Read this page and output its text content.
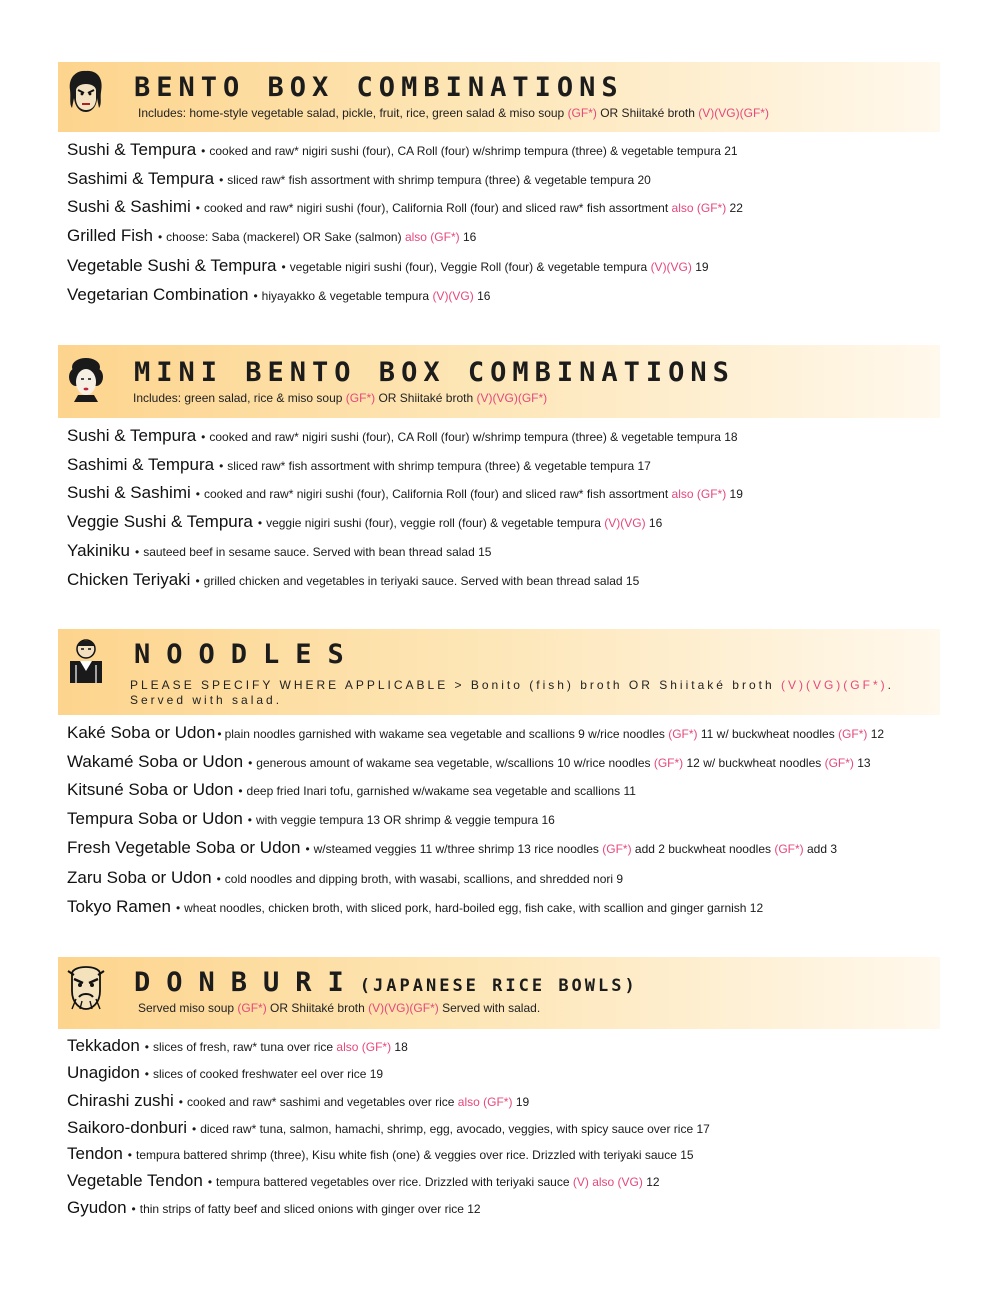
BENTO BOX COMBINATIONS
Includes: home-style vegetable salad, pickle, fruit, rice, green salad & miso soup (GF*) OR Shiitaké broth (V)(VG)(GF*)
Sushi & Tempura • cooked and raw* nigiri sushi (four), CA Roll (four) w/shrimp tempura (three) & vegetable tempura 21
Sashimi & Tempura • sliced raw* fish assortment with shrimp tempura (three) & vegetable tempura 20
Sushi & Sashimi • cooked and raw* nigiri sushi (four), California Roll (four) and sliced raw* fish assortment also (GF*) 22
Grilled Fish • choose: Saba (mackerel) OR Sake (salmon) also (GF*) 16
Vegetable Sushi & Tempura • vegetable nigiri sushi (four), Veggie Roll (four) & vegetable tempura (V)(VG) 19
Vegetarian Combination • hiyayakko & vegetable tempura (V)(VG) 16
MINI BENTO BOX COMBINATIONS
Includes: green salad, rice & miso soup (GF*) OR Shiitaké broth (V)(VG)(GF*)
Sushi & Tempura • cooked and raw* nigiri sushi (four), CA Roll (four) w/shrimp tempura (three) & vegetable tempura 18
Sashimi & Tempura • sliced raw* fish assortment with shrimp tempura (three) & vegetable tempura 17
Sushi & Sashimi • cooked and raw* nigiri sushi (four), California Roll (four) and sliced raw* fish assortment also (GF*) 19
Veggie Sushi & Tempura • veggie nigiri sushi (four), veggie roll (four) & vegetable tempura (V)(VG) 16
Yakiniku • sauteed beef in sesame sauce. Served with bean thread salad 15
Chicken Teriyaki • grilled chicken and vegetables in teriyaki sauce. Served with bean thread salad 15
NOODLES
PLEASE SPECIFY WHERE APPLICABLE > Bonito (fish) broth OR Shiitaké broth (V)(VG)(GF*).
Served with salad.
Kaké Soba or Udon • plain noodles garnished with wakame sea vegetable and scallions 9 w/rice noodles (GF*) 11 w/ buckwheat noodles (GF*) 12
Wakamé Soba or Udon • generous amount of wakame sea vegetable, w/scallions 10 w/rice noodles (GF*) 12 w/ buckwheat noodles (GF*) 13
Kitsuné Soba or Udon • deep fried Inari tofu, garnished w/wakame sea vegetable and scallions 11
Tempura Soba or Udon • with veggie tempura 13 OR shrimp & veggie tempura 16
Fresh Vegetable Soba or Udon • w/steamed veggies 11 w/three shrimp 13 rice noodles (GF*) add 2 buckwheat noodles (GF*) add 3
Zaru Soba or Udon • cold noodles and dipping broth, with wasabi, scallions, and shredded nori 9
Tokyo Ramen • wheat noodles, chicken broth, with sliced pork, hard-boiled egg, fish cake, with scallion and ginger garnish 12
DONBURI(JAPANESE RICE BOWLS)
Served miso soup (GF*) OR Shiitaké broth (V)(VG)(GF*) Served with salad.
Tekkadon • slices of fresh, raw* tuna over rice also (GF*) 18
Unagidon • slices of cooked freshwater eel over rice 19
Chirashi zushi • cooked and raw* sashimi and vegetables over rice also (GF*) 19
Saikoro-donburi • diced raw* tuna, salmon, hamachi, shrimp, egg, avocado, veggies, with spicy sauce over rice 17
Tendon • tempura battered shrimp (three), Kisu white fish (one) & veggies over rice. Drizzled with teriyaki sauce 15
Vegetable Tendon • tempura battered vegetables over rice. Drizzled with teriyaki sauce (V) also (VG) 12
Gyudon • thin strips of fatty beef and sliced onions with ginger over rice 12
